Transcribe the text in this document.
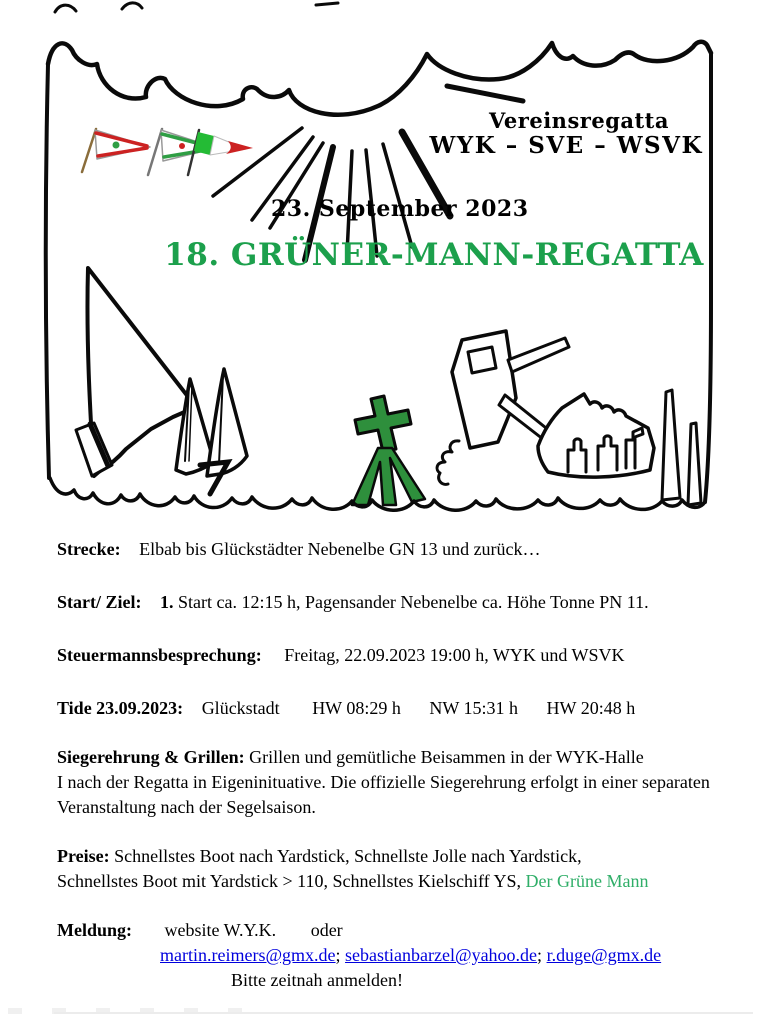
Vereinsregatta
WYK – SVE – WSVK
23. September 2023
18. GRÜNER-MANN-REGATTA

Strecke: Elbab bis Glückstädter Nebenelbe GN 13 und zurück…

Start/ Ziel: 1. Start ca. 12:15 h, Pagensander Nebenelbe ca. Höhe Tonne PN 11.

Steuermannsbesprechung: Freitag, 22.09.2023 19:00 h, WYK und WSVK

Tide 23.09.2023: Glückstadt HW 08:29 h NW 15:31 h HW 20:48 h

Siegerehrung & Grillen: Grillen und gemütliche Beisammen in der WYK-Halle
I nach der Regatta in Eigeninituative. Die offizielle Siegerehrung erfolgt in einer separaten Veranstaltung nach der Segelsaison.

Preise: Schnellstes Boot nach Yardstick, Schnellste Jolle nach Yardstick,
Schnellstes Boot mit Yardstick > 110, Schnellstes Kielschiff YS, Der Grüne Mann

Meldung: website W.Y.K. oder
martin.reimers@gmx.de; sebastianbarzel@yahoo.de; r.duge@gmx.de
Bitte zeitnah anmelden!
